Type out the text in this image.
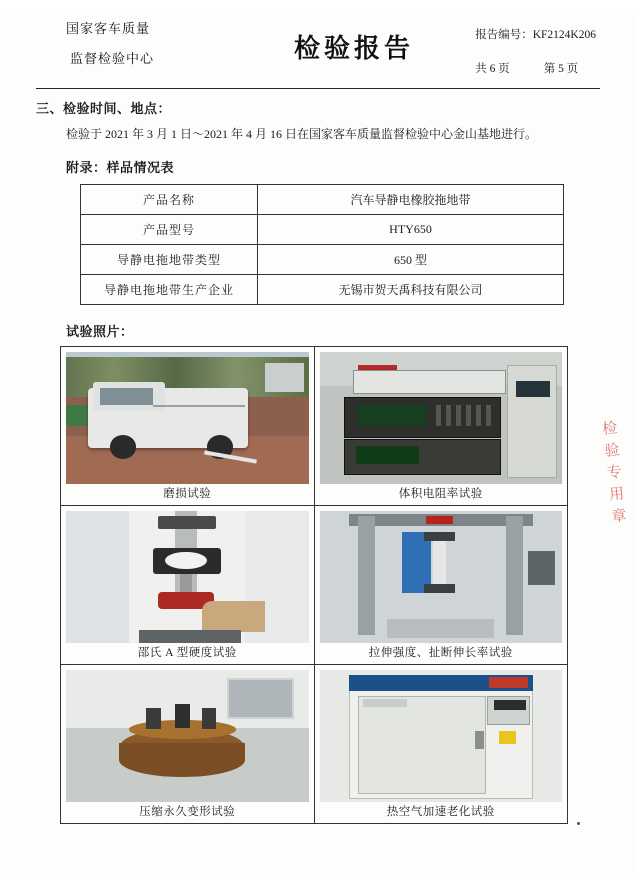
国家客车质量
监督检验中心	检验报告	报告编号：KF2124K206
共 6 页	第 5 页
三、检验时间、地点：
检验于 2021 年 3 月 1 日～2021 年 4 月 16 日在国家客车质量监督检验中心金山基地进行。
附录：样品情况表
产品名称	汽车导静电橡胶拖地带
产品型号	HTY650
导静电拖地带类型	650 型
导静电拖地带生产企业	无锡市贺天禹科技有限公司
试验照片：
磨损试验	体积电阻率试验

邵氏 A 型硬度试验	拉伸强度、扯断伸长率试验

压缩永久变形试验	热空气加速老化试验
检
验
专
用
章
